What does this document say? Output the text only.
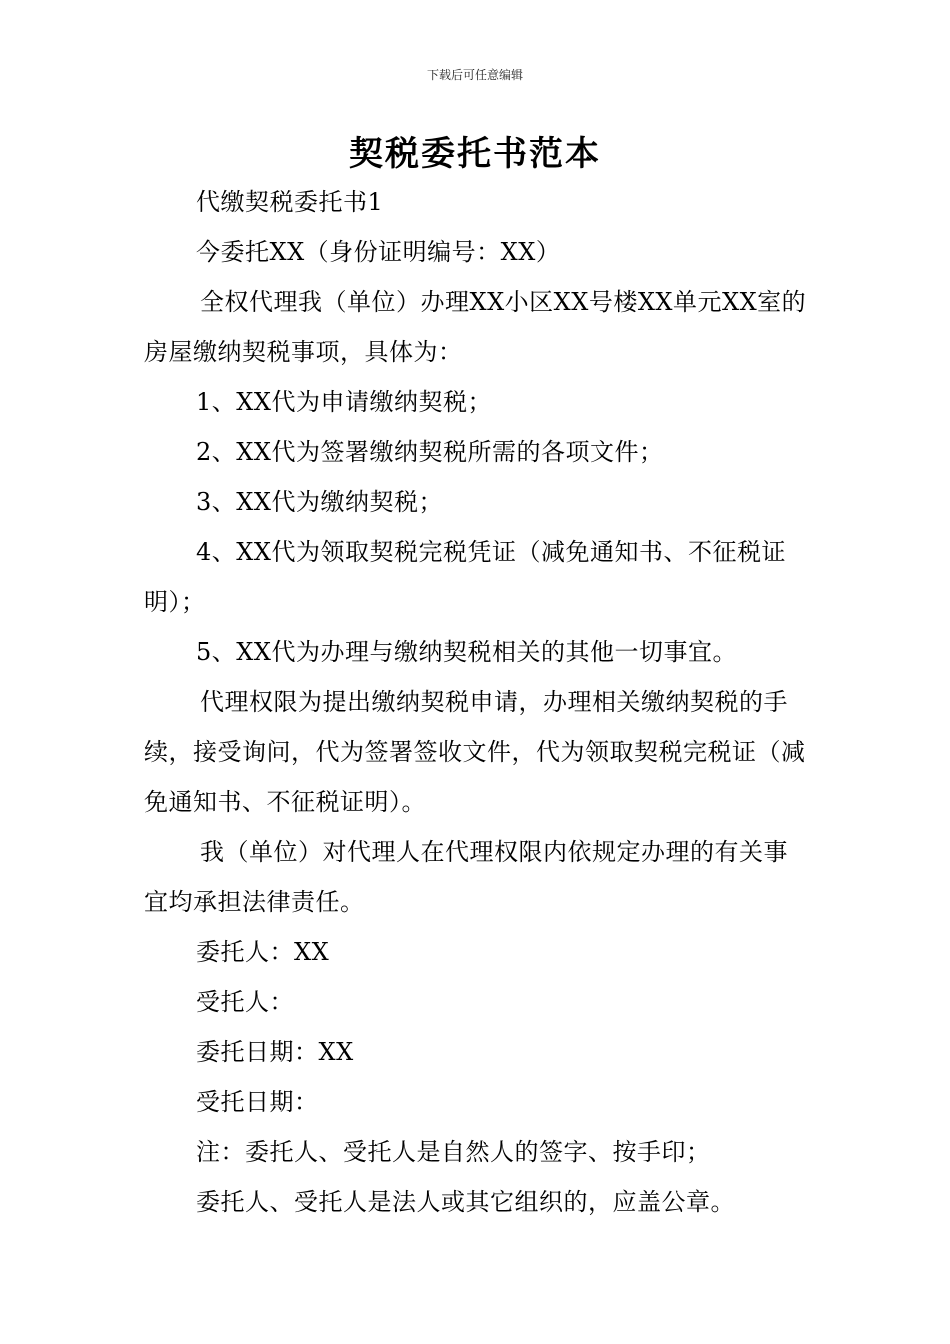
下载后可任意编辑
契税委托书范本

代缴契税委托书1

今委托XX（身份证明编号：XX）

全权代理我（单位）办理XX小区XX号楼XX单元XX室的房屋缴纳契税事项，具体为：

1、XX代为申请缴纳契税；

2、XX代为签署缴纳契税所需的各项文件；

3、XX代为缴纳契税；

4、XX代为领取契税完税凭证（减免通知书、不征税证明）；

5、XX代为办理与缴纳契税相关的其他一切事宜。

代理权限为提出缴纳契税申请，办理相关缴纳契税的手续，接受询问，代为签署签收文件，代为领取契税完税证（减免通知书、不征税证明）。

我（单位）对代理人在代理权限内依规定办理的有关事宜均承担法律责任。

委托人：XX

受托人：

委托日期：XX

受托日期：

注：委托人、受托人是自然人的签字、按手印；

委托人、受托人是法人或其它组织的，应盖公章。
